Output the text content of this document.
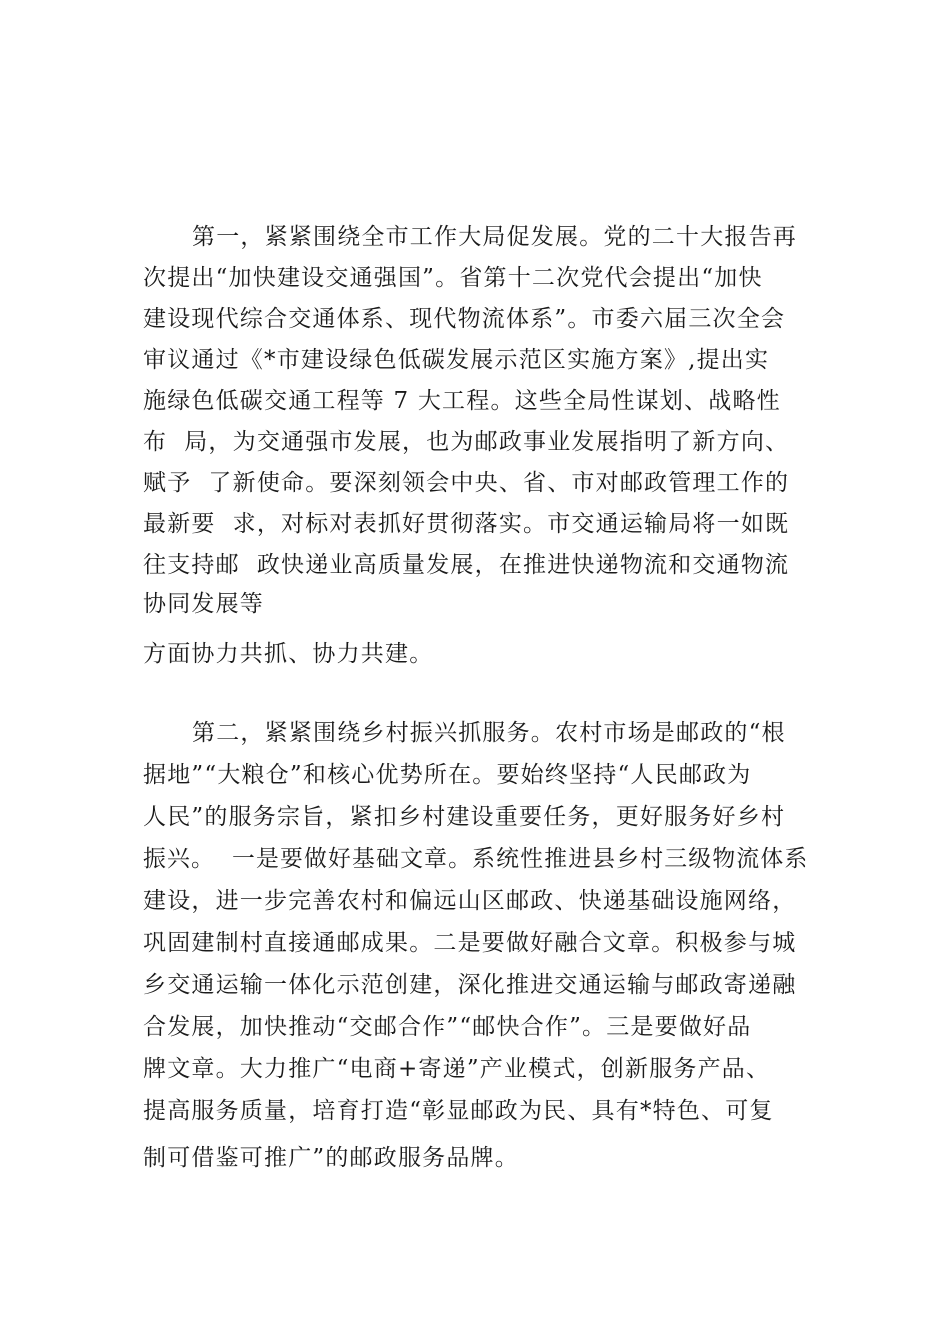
第一，紧紧围绕全市工作大局促发展。党的二十大报告再
次提出“加快建设交通强国”。省第十二次党代会提出“加快
建设现代综合交通体系、现代物流体系”。市委六届三次全会
审议通过《*市建设绿色低碳发展示范区实施方案》,提出实
施绿色低碳交通工程等 7 大工程。这些全局性谋划、战略性
布  局，为交通强市发展，也为邮政事业发展指明了新方向、
赋予  了新使命。要深刻领会中央、省、市对邮政管理工作的
最新要  求，对标对表抓好贯彻落实。市交通运输局将一如既
往支持邮  政快递业高质量发展，在推进快递物流和交通物流
协同发展等
方面协力共抓、协力共建。
第二，紧紧围绕乡村振兴抓服务。农村市场是邮政的“根
据地”“大粮仓”和核心优势所在。要始终坚持“人民邮政为
人民”的服务宗旨，紧扣乡村建设重要任务，更好服务好乡村
振兴。  一是要做好基础文章。系统性推进县乡村三级物流体系
建设，进一步完善农村和偏远山区邮政、快递基础设施网络，
巩固建制村直接通邮成果。二是要做好融合文章。积极参与城
乡交通运输一体化示范创建，深化推进交通运输与邮政寄递融
合发展，加快推动“交邮合作”“邮快合作”。三是要做好品
牌文章。大力推广“电商+寄递”产业模式，创新服务产品、
提高服务质量，培育打造“彰显邮政为民、具有*特色、可复
制可借鉴可推广”的邮政服务品牌。
